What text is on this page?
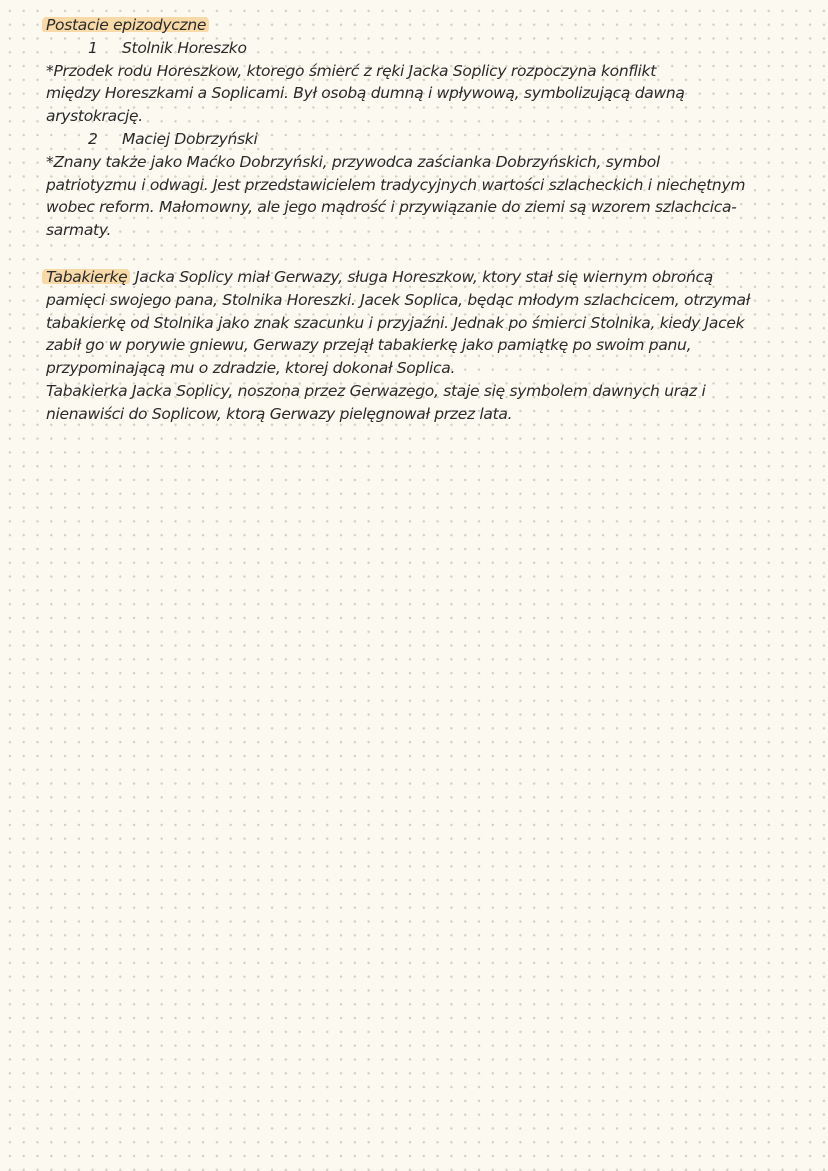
Postacie epizodyczne
1 Stolnik Horeszko
*Przodek rodu Horeszkow, ktorego śmierć z ręki Jacka Soplicy rozpoczyna konflikt
między Horeszkami a Soplicami. Był osobą dumną i wpływową, symbolizującą dawną
arystokrację.
2 Maciej Dobrzyński
*Znany także jako Maćko Dobrzyński, przywodca zaścianka Dobrzyńskich, symbol
patriotyzmu i odwagi. Jest przedstawicielem tradycyjnych wartości szlacheckich i niechętnym
wobec reform. Małomowny, ale jego mądrość i przywiązanie do ziemi są wzorem szlachcica-
sarmaty.
Tabakierkę Jacka Soplicy miał Gerwazy, sługa Horeszkow, ktory stał się wiernym obrońcą
pamięci swojego pana, Stolnika Horeszki. Jacek Soplica, będąc młodym szlachcicem, otrzymał
tabakierkę od Stolnika jako znak szacunku i przyjaźni. Jednak po śmierci Stolnika, kiedy Jacek
zabił go w porywie gniewu, Gerwazy przejął tabakierkę jako pamiątkę po swoim panu,
przypominającą mu o zdradzie, ktorej dokonał Soplica.
Tabakierka Jacka Soplicy, noszona przez Gerwazego, staje się symbolem dawnych uraz i
nienawiści do Soplicow, ktorą Gerwazy pielęgnował przez lata.
